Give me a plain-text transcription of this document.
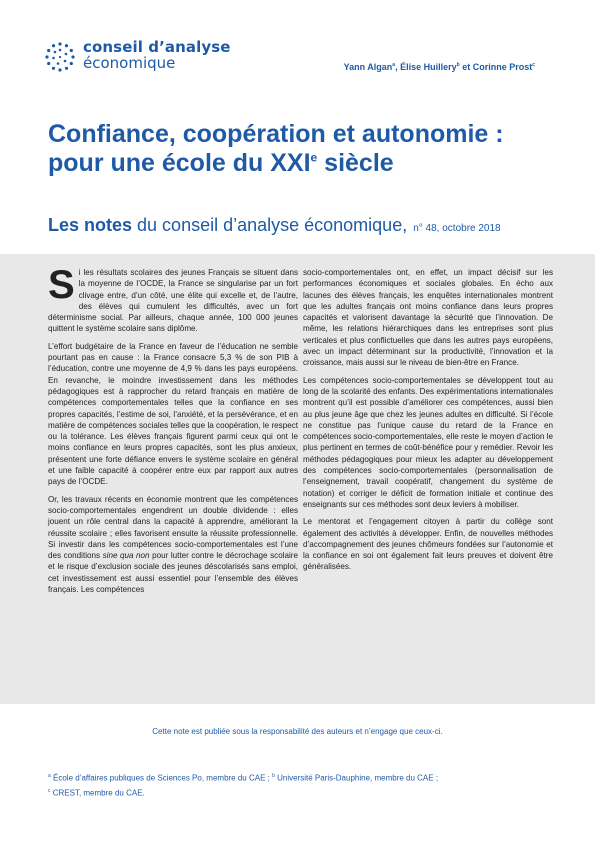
conseil d’analyse
économique	Yann Algan$^a$, Élise Huillery$^b$ et Corinne Prost$^c$
Confiance, coopération et autonomie :
pour une école du XXIe siècle
Les notes du conseil d’analyse économique, n° 48, octobre 2018

Si les résultats scolaires des jeunes Français se situent dans la moyenne de l’OCDE, la France se singularise par un fort clivage entre, d’un côté, une élite qui excelle et, de l’autre, des élèves qui cumulent les difficultés, avec un fort déterminisme social. Par ailleurs, chaque année, 100 000 jeunes quittent le système scolaire sans diplôme.

L’effort budgétaire de la France en faveur de l’éducation ne semble pourtant pas en cause : la France consacre 5,3 % de son PIB à l’éducation, contre une moyenne de 4,9 % dans les pays européens. En revanche, le moindre investissement dans les méthodes pédagogiques est à rapprocher du retard français en matière de compétences comportementales telles que la confiance en ses propres capacités, l’estime de soi, l’anxiété, et la persévérance, et en matière de compétences sociales telles que la coopération, le respect ou la tolérance. Les élèves français figurent parmi ceux qui ont le moins confiance en leurs propres capacités, sont les plus anxieux, présentent une forte défiance envers le système scolaire en général et une faible capacité à coopérer entre eux par rapport aux autres pays de l’OCDE.

Or, les travaux récents en économie montrent que les compétences socio-comportementales engendrent un double dividende : elles jouent un rôle central dans la capacité à apprendre, améliorant la réussite scolaire ; elles favorisent ensuite la réussite professionnelle. Si investir dans les compétences socio-comportementales est l’une des conditions sine qua non pour lutter contre le décrochage scolaire et le risque d’exclusion sociale des jeunes déscolarisés sans emploi, cet investissement est aussi essentiel pour l’ensemble des élèves français. Les compétences

socio-comportementales ont, en effet, un impact décisif sur les performances économiques et sociales globales. En écho aux lacunes des élèves français, les enquêtes internationales montrent que les adultes français ont moins confiance dans leurs propres capacités et valorisent davantage la sécurité que l’innovation. De même, les relations hiérarchiques dans les entreprises sont plus verticales et plus conflictuelles que dans les autres pays européens, avec un impact déterminant sur la productivité, l’innovation et la croissance, mais aussi sur le niveau de bien-être en France.

Les compétences socio-comportementales se développent tout au long de la scolarité des enfants. Des expérimentations internationales montrent qu’il est possible d’améliorer ces compétences, aussi bien au plus jeune âge que chez les jeunes adultes en difficulté. Si l’école ne constitue pas l’unique cause du retard de la France en compétences socio-comportementales, elle reste le moyen d’action le plus pertinent en termes de coût-bénéfice pour y remédier. Revoir les méthodes pédagogiques pour mieux les adapter au développement des compétences socio-comportementales (personnalisation de l’enseignement, travail coopératif, changement du système de notation) et corriger le déficit de formation initiale et continue des enseignants sur ces méthodes sont deux leviers à mobiliser.

Le mentorat et l’engagement citoyen à partir du collège sont également des activités à développer. Enfin, de nouvelles méthodes d’accompagnement des jeunes chômeurs fondées sur l’autonomie et la confiance en soi ont également fait leurs preuves et doivent être généralisées.

Cette note est publiée sous la responsabilité des auteurs et n’engage que ceux-ci.
$^a$ École d’affaires publiques de Sciences Po, membre du CAE ; $^b$ Université Paris-Dauphine, membre du CAE ;
$^c$ CREST, membre du CAE.
